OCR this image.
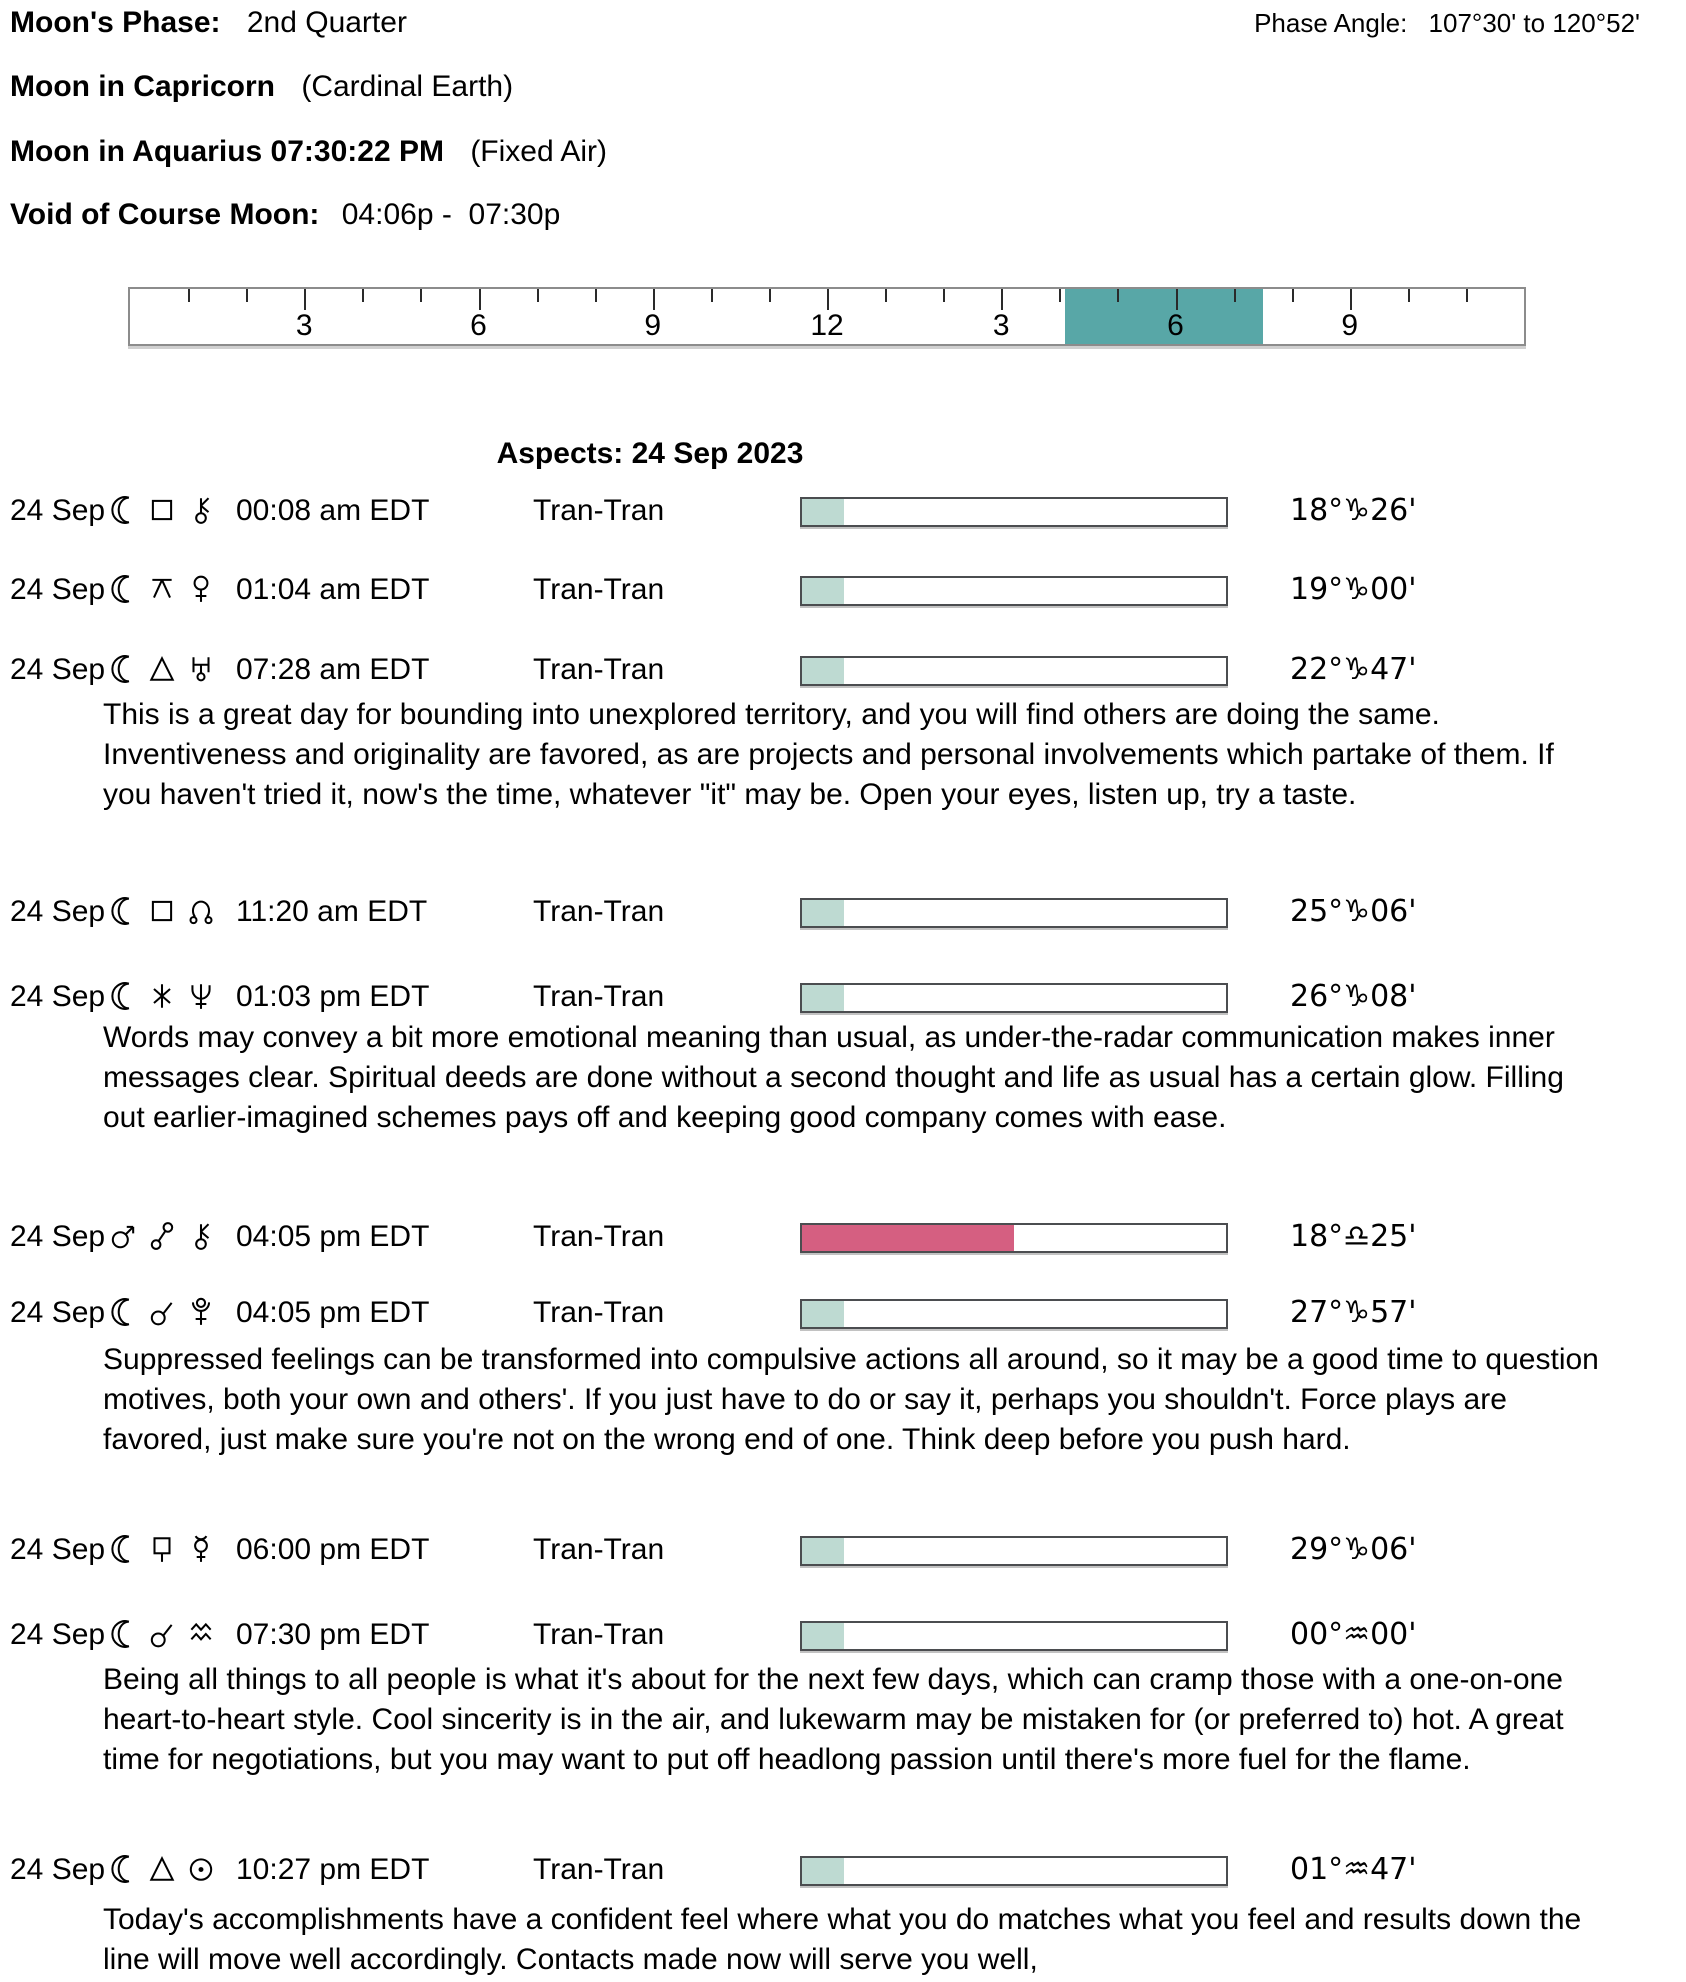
Moon's Phase: 2nd Quarter	Phase Angle: 107°30' to 120°52'
Moon in Capricorn (Cardinal Earth)
Moon in Aquarius 07:30:22 PM (Fixed Air)
Void of Course Moon: 04:06p -  07:30p
3	6	9	12	3	6	9
Aspects: 24 Sep 2023
24 Sep	00:08 am EDT	Tran-Tran	18°♑26'
24 Sep	01:04 am EDT	Tran-Tran	19°♑00'
24 Sep	07:28 am EDT	Tran-Tran	22°♑47'
This is a great day for bounding into unexplored territory, and you will find others are doing the same. Inventiveness and originality are favored, as are projects and personal involvements which partake of them. If you haven't tried it, now's the time, whatever "it" may be. Open your eyes, listen up, try a taste.
24 Sep	11:20 am EDT	Tran-Tran	25°♑06'
24 Sep	01:03 pm EDT	Tran-Tran	26°♑08'
Words may convey a bit more emotional meaning than usual, as under-the-radar communication makes inner messages clear. Spiritual deeds are done without a second thought and life as usual has a certain glow. Filling out earlier-imagined schemes pays off and keeping good company comes with ease.
24 Sep	04:05 pm EDT	Tran-Tran	18°♎25'
24 Sep	04:05 pm EDT	Tran-Tran	27°♑57'
Suppressed feelings can be transformed into compulsive actions all around, so it may be a good time to question motives, both your own and others'. If you just have to do or say it, perhaps you shouldn't. Force plays are favored, just make sure you're not on the wrong end of one. Think deep before you push hard.
24 Sep	06:00 pm EDT	Tran-Tran	29°♑06'
24 Sep	07:30 pm EDT	Tran-Tran	00°♒00'
Being all things to all people is what it's about for the next few days, which can cramp those with a one-on-one heart-to-heart style. Cool sincerity is in the air, and lukewarm may be mistaken for (or preferred to) hot. A great time for negotiations, but you may want to put off headlong passion until there's more fuel for the flame.
24 Sep	10:27 pm EDT	Tran-Tran	01°♒47'
Today's accomplishments have a confident feel where what you do matches what you feel and results down the line will move well accordingly. Contacts made now will serve you well,
